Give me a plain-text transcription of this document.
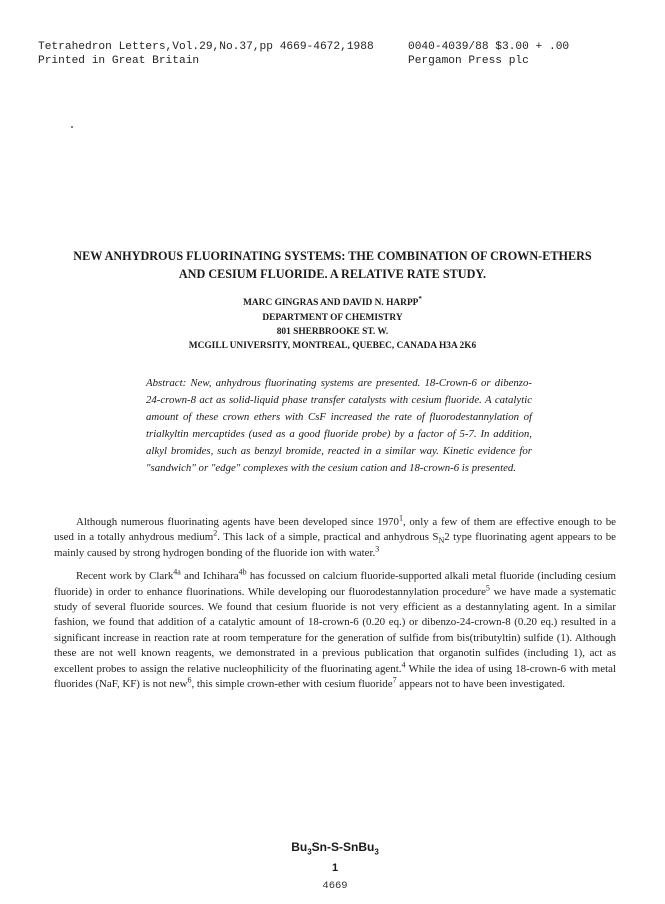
Tetrahedron Letters,Vol.29,No.37,pp 4669-4672,1988	0040-4039/88 $3.00 + .00
Printed in Great Britain	Pergamon Press plc
NEW ANHYDROUS FLUORINATING SYSTEMS: THE COMBINATION OF CROWN-ETHERS
AND CESIUM FLUORIDE. A RELATIVE RATE STUDY.
MARC GINGRAS AND DAVID N. HARPP*
DEPARTMENT OF CHEMISTRY
801 SHERBROOKE ST. W.
MCGILL UNIVERSITY, MONTREAL, QUEBEC, CANADA H3A 2K6
Abstract: New, anhydrous fluorinating systems are presented. 18-Crown-6 or dibenzo-24-crown-8 act as solid-liquid phase transfer catalysts with cesium fluoride. A catalytic amount of these crown ethers with CsF increased the rate of fluorodestannylation of trialkyltin mercaptides (used as a good fluoride probe) by a factor of 5-7. In addition, alkyl bromides, such as benzyl bromide, reacted in a similar way. Kinetic evidence for "sandwich" or "edge" complexes with the cesium cation and 18-crown-6 is presented.

Although numerous fluorinating agents have been developed since 1970$^1$, only a few of them are effective enough to be used in a totally anhydrous medium$^2$. This lack of a simple, practical and anhydrous $S_N2$ type fluorinating agent appears to be mainly caused by strong hydrogen bonding of the fluoride ion with water.$^3$

Recent work by Clark$^{4a}$ and Ichihara$^{4b}$ has focussed on calcium fluoride-supported alkali metal fluoride (including cesium fluoride) in order to enhance fluorinations. While developing our fluorodestannylation procedure$^5$ we have made a systematic study of several fluoride sources. We found that cesium fluoride is not very efficient as a destannylating agent. In a similar fashion, we found that addition of a catalytic amount of 18-crown-6 (0.20 eq.) or dibenzo-24-crown-8 (0.20 eq.) resulted in a significant increase in reaction rate at room temperature for the generation of sulfide from bis(tributyltin) sulfide (1). Although these are not well known reagents, we demonstrated in a previous publication that organotin sulfides (including 1), act as excellent probes to assign the relative nucleophilicity of the fluorinating agent.$^4$ While the idea of using 18-crown-6 with metal fluorides (NaF, KF) is not new$^6$, this simple crown-ether with cesium fluoride$^7$ appears not to have been investigated.

$Bu_3Sn-S-SnBu_3$
1
4669
